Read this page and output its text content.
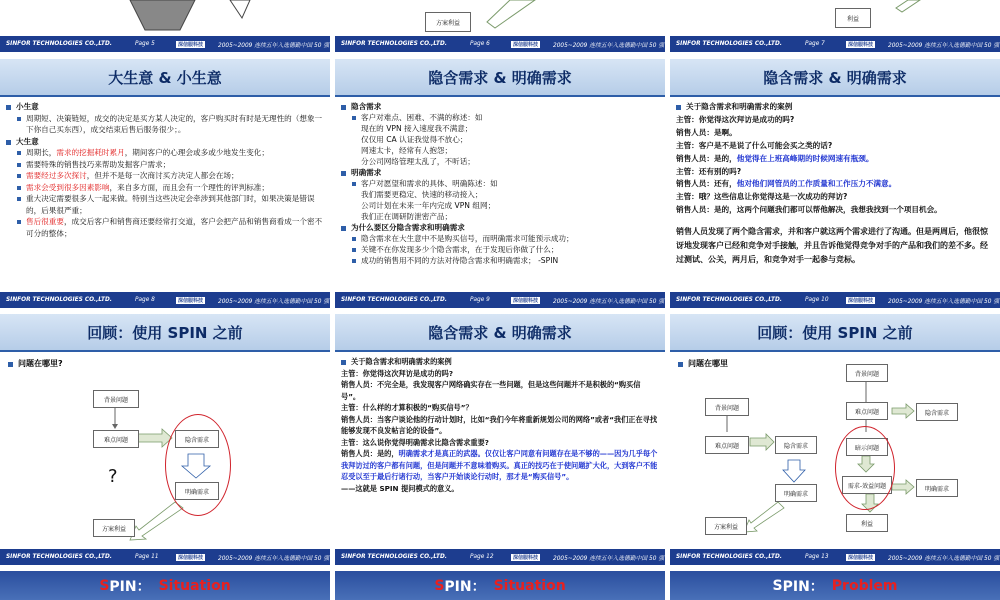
SINFOR TECHNOLOGIES CO.,LTD.	Page 5	深信服科技	2005~2009 连续五年入选德勤中国 50 强
方案利益
SINFOR TECHNOLOGIES CO.,LTD.	Page 6	深信服科技	2005~2009 连续五年入选德勤中国 50 强
利益
SINFOR TECHNOLOGIES CO.,LTD.	Page 7	深信服科技	2005~2009 连续五年入选德勤中国 50 强
大生意 & 小生意
小生意
周期短、决策链短，成交的决定是买方某人决定的，客户购买时有时是无理性的（想象一下你自己买东西），成交结束后售后服务很少；。
大生意
周期长，需求的挖掘耗时累月，期间客户的心理会或多或少地发生变化；
需要特殊的销售技巧来帮助发掘客户需求；
需要经过多次探讨，但并不是每一次商讨买方决定人都会在场；
需求会受到很多因素影响，来自多方面，而且会有一个理性的评判标准；
重大决定需要很多人一起来做。特别当这些决定会牵涉到其他部门时，如果决策是错误的，后果很严重；
售后很重要，成交后客户和销售商还要经常打交道，客户会把产品和销售商看成一个密不可分的整体；
SINFOR TECHNOLOGIES CO.,LTD.	Page 8	深信服科技	2005~2009 连续五年入选德勤中国 50 强
隐含需求 & 明确需求
隐含需求
客户对难点、困难、不满的称述：如
现在的 VPN 接入速度我不满意；
仅仅用 CA 认证我觉得不放心；
网速太卡，经常有人抱怨；
分公司网络管理太乱了，不听话；
明确需求
客户对愿望和需求的具体、明确陈述：如
我们需要更稳定、快速的移动接入；
公司计划在未来一年内完成 VPN 组网；
我们正在调研防泄密产品；
为什么要区分隐含需求和明确需求
隐含需求在大生意中不是购买信号，而明确需求可能预示成功；
关键不在你发现多少个隐含需求，在于发现后你做了什么；
成功的销售用不同的方法对待隐含需求和明确需求； -SPIN
SINFOR TECHNOLOGIES CO.,LTD.	Page 9	深信服科技	2005~2009 连续五年入选德勤中国 50 强
隐含需求 & 明确需求
关于隐含需求和明确需求的案例
主管：你觉得这次拜访是成功的吗?
销售人员：是啊。
主管：客户是不是说了什么可能会买之类的话?
销售人员：是的，他觉得在上班高峰期的时候网速有瓶颈。
主管：还有别的吗?
销售人员：还有，他对他们网管员的工作质量和工作压力不满意。
主管：哦？这些信息让你觉得这是一次成功的拜访?
销售人员：是的，这两个问题我们都可以帮他解决，我想我找到一个项目机会。
销售人员发现了两个隐含需求，并和客户就这两个需求进行了沟通。但是两周后，他很惊讶地发现客户已经和竞争对手接触，并且告诉他觉得竞争对手的产品和我们的差不多。经过测试、公关，两月后，和竞争对手一起参与竞标。
SINFOR TECHNOLOGIES CO.,LTD.	Page 10	深信服科技	2005~2009 连续五年入选德勤中国 50 强
回顾：使用 SPIN 之前
问题在哪里?
背景问题
难点问题	隐含需求
明确需求
方案利益
?
SINFOR TECHNOLOGIES CO.,LTD.	Page 11	深信服科技	2005~2009 连续五年入选德勤中国 50 强
隐含需求 & 明确需求
关于隐含需求和明确需求的案例
主管：你觉得这次拜访是成功的吗?
销售人员：不完全是，我发现客户网络确实存在一些问题，但是这些问题并不是积极的“购买信号”。
主管：什么样的才算积极的“购买信号”？
销售人员：当客户谈论他的行动计划时，比如“我们今年将重新规划公司的网络”或者“我们正在寻找能够发现不良发帖言论的设备”。
主管：这么说你觉得明确需求比隐含需求重要?
销售人员：是的，明确需求才是真正的武器。仅仅让客户同意有问题存在是不够的——因为几乎每个我拜访过的客户都有问题，但是问题并不意味着购买。真正的技巧在于使问题扩大化，大到客户不能忍受以至于最后行诸行动，当客户开始谈论行动时，那才是“购买信号”。
——这就是 SPIN 提问模式的意义。
SINFOR TECHNOLOGIES CO.,LTD.	Page 12	深信服科技	2005~2009 连续五年入选德勤中国 50 强
回顾：使用 SPIN 之前
问题在哪里
背景问题
难点问题
暗示问题
需求-效益问题
隐含需求
明确需求
利益
背景问题
难点问题	隐含需求
明确需求
方案利益
SINFOR TECHNOLOGIES CO.,LTD.	Page 13	深信服科技	2005~2009 连续五年入选德勤中国 50 强
S PIN： Situation	S PIN： Situation	S PIN： Problem
